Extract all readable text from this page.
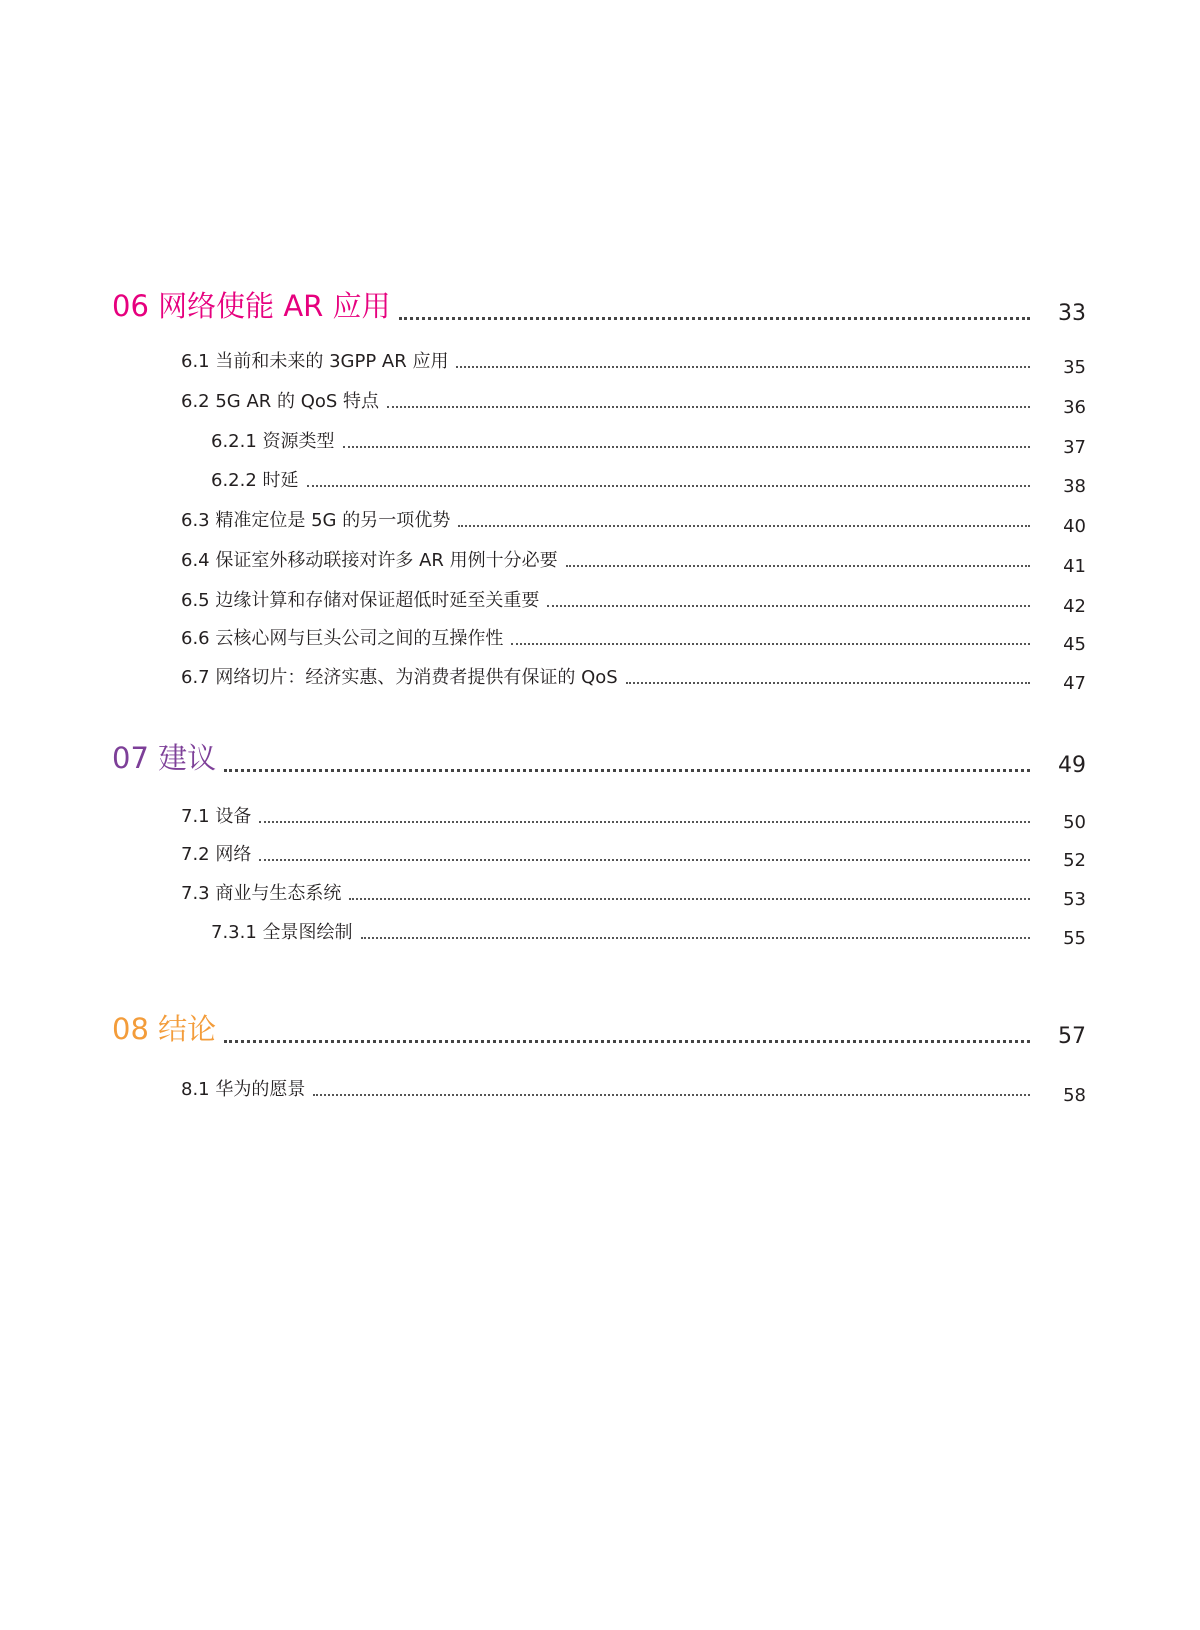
06 网络使能 AR 应用	33
6.1 当前和未来的 3GPP AR 应用	35
6.2 5G AR 的 QoS 特点	36
6.2.1 资源类型	37
6.2.2 时延	38
6.3 精准定位是 5G 的另一项优势	40
6.4 保证室外移动联接对许多 AR 用例十分必要	41
6.5 边缘计算和存储对保证超低时延至关重要	42
6.6 云核心网与巨头公司之间的互操作性	45
6.7 网络切片：经济实惠、为消费者提供有保证的 QoS	47
07 建议	49
7.1 设备	50
7.2 网络	52
7.3 商业与生态系统	53
7.3.1 全景图绘制	55
08 结论	57
8.1 华为的愿景	58
